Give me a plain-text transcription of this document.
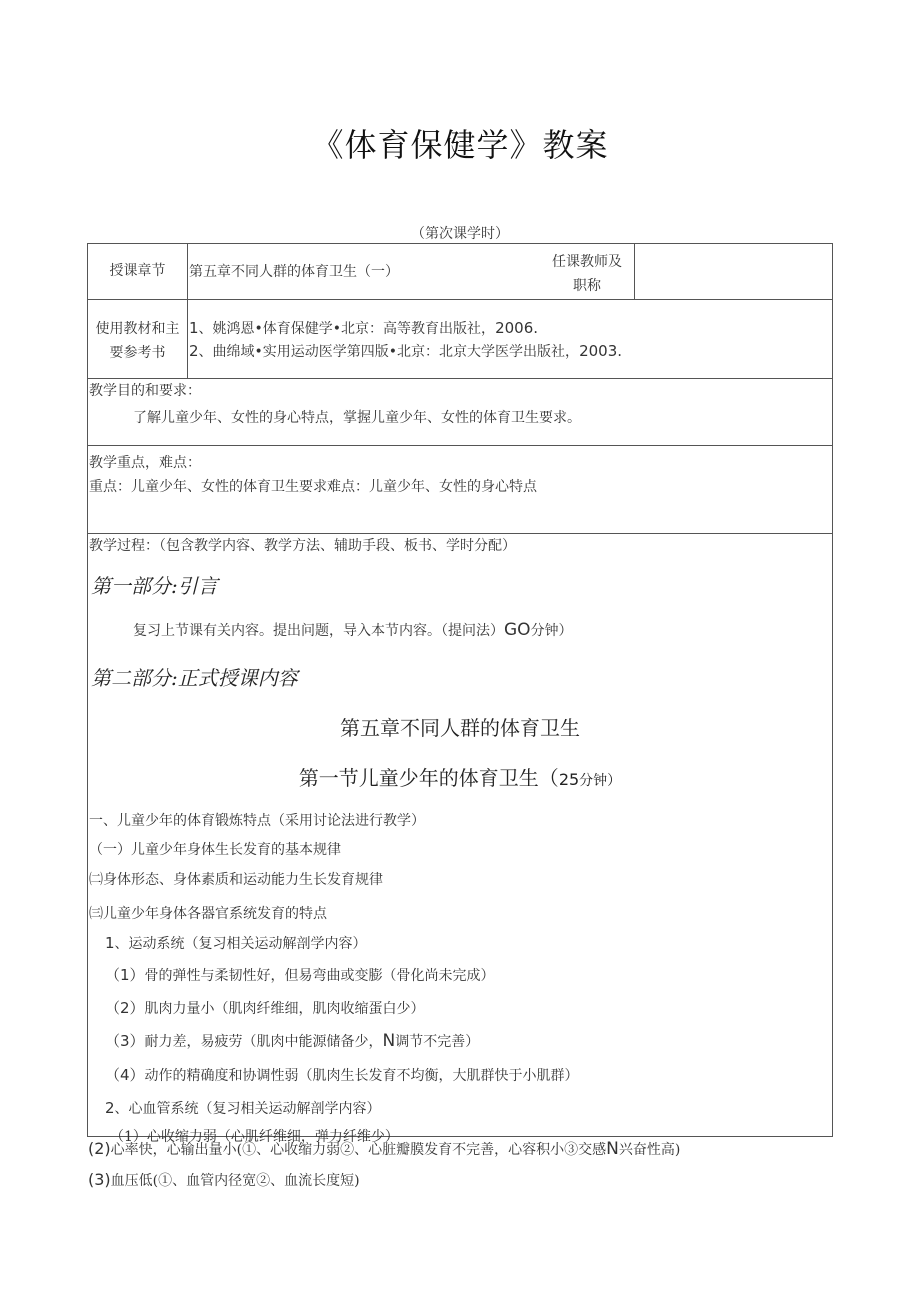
《体育保健学》教案
（第次课学时）
授课章节	第五章不同人群的体育卫生（一）
任课教师及
职称
使用教材和主
要参考书
1、姚鸿恩•体育保健学•北京：高等教育出版社，2006.
2、曲绵域•实用运动医学第四版•北京：北京大学医学出版社，2003.
教学目的和要求：
了解儿童少年、女性的身心特点，掌握儿童少年、女性的体育卫生要求。
教学重点，难点：
重点：儿童少年、女性的体育卫生要求难点：儿童少年、女性的身心特点
教学过程：（包含教学内容、教学方法、辅助手段、板书、学时分配）
第一部分:引言
复习上节课有关内容。提出问题，导入本节内容。（提问法）GO分钟）
第二部分:正式授课内容
第五章不同人群的体育卫生
第一节儿童少年的体育卫生（25分钟）
一、儿童少年的体育锻炼特点（采用讨论法进行教学）
（一）儿童少年身体生长发育的基本规律
㈡身体形态、身体素质和运动能力生长发育规律
㈢儿童少年身体各器官系统发育的特点
1、运动系统（复习相关运动解剖学内容）
（1）骨的弹性与柔韧性好，但易弯曲或变膨（骨化尚未完成）
（2）肌肉力量小（肌肉纤维细，肌肉收缩蛋白少）
（3）耐力差，易疲劳（肌肉中能源储备少，N调节不完善）
（4）动作的精确度和协调性弱（肌肉生长发育不均衡，大肌群快于小肌群）
2、心血管系统（复习相关运动解剖学内容）
（1）心收缩力弱（心肌纤维细，弹力纤维少）
(2)心率快，心输出量小(①、心收缩力弱②、心脏瓣膜发育不完善，心容积小③交感N兴奋性高)
(3)血压低(①、血管内径宽②、血流长度短)
